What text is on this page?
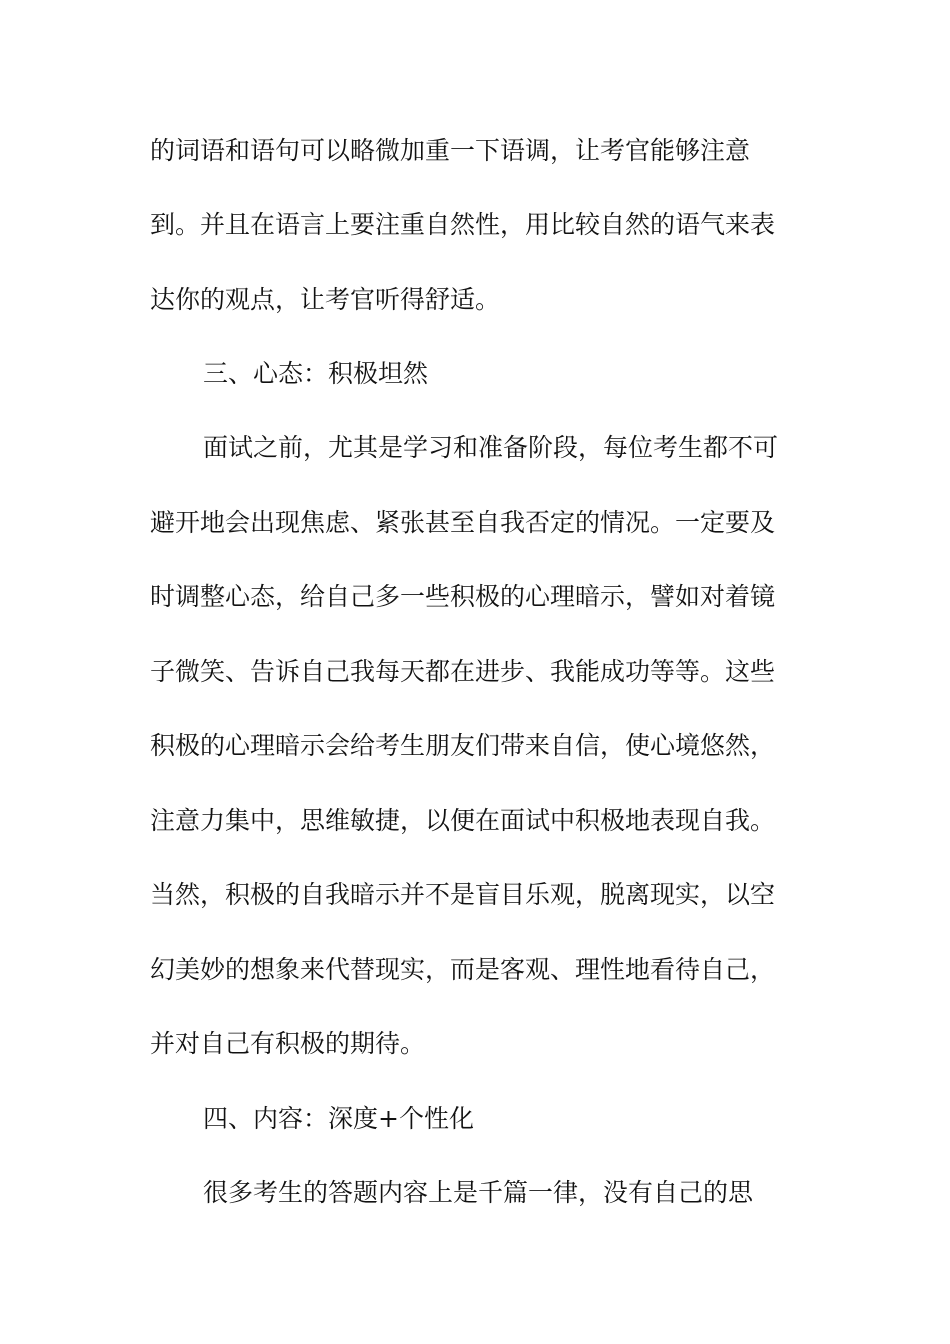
的词语和语句可以略微加重一下语调，让考官能够注意

到。并且在语言上要注重自然性，用比较自然的语气来表

达你的观点，让考官听得舒适。

三、心态：积极坦然

面试之前，尤其是学习和准备阶段，每位考生都不可

避开地会出现焦虑、紧张甚至自我否定的情况。一定要及

时调整心态，给自己多一些积极的心理暗示，譬如对着镜

子微笑、告诉自己我每天都在进步、我能成功等等。这些

积极的心理暗示会给考生朋友们带来自信，使心境悠然，

注意力集中，思维敏捷，以便在面试中积极地表现自我。

当然，积极的自我暗示并不是盲目乐观，脱离现实，以空

幻美妙的想象来代替现实，而是客观、理性地看待自己，

并对自己有积极的期待。

四、内容：深度+个性化

很多考生的答题内容上是千篇一律，没有自己的思
